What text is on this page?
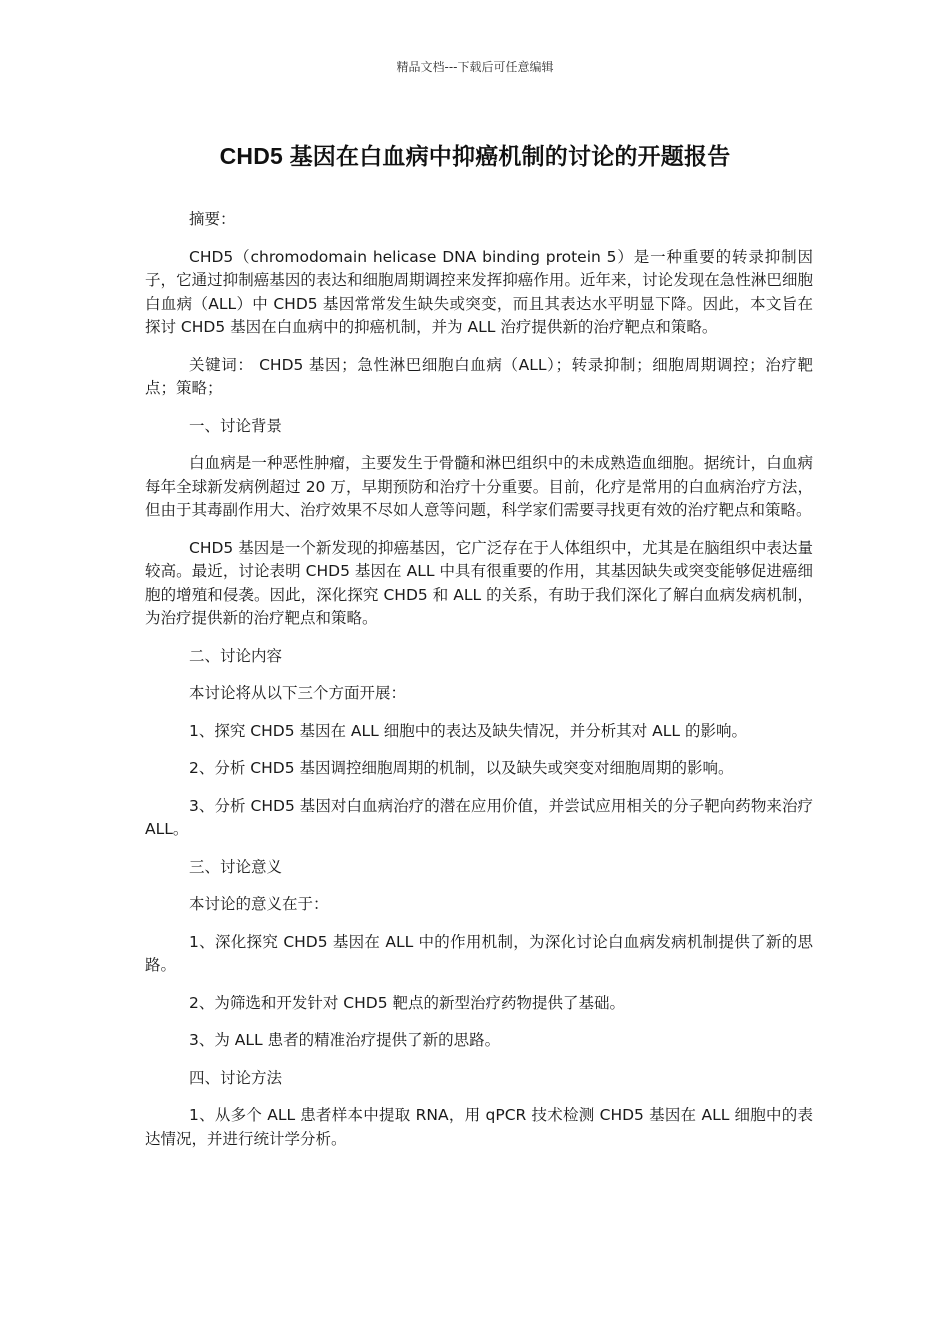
精品文档---下载后可任意编辑
CHD5 基因在白血病中抑癌机制的讨论的开题报告

摘要：

CHD5（chromodomain helicase DNA binding protein 5）是一种重要的转录抑制因子，它通过抑制癌基因的表达和细胞周期调控来发挥抑癌作用。近年来，讨论发现在急性淋巴细胞白血病（ALL）中 CHD5 基因常常发生缺失或突变，而且其表达水平明显下降。因此，本文旨在探讨 CHD5 基因在白血病中的抑癌机制，并为 ALL 治疗提供新的治疗靶点和策略。

关键词： CHD5 基因；急性淋巴细胞白血病（ALL）；转录抑制；细胞周期调控；治疗靶点；策略；

一、讨论背景

白血病是一种恶性肿瘤，主要发生于骨髓和淋巴组织中的未成熟造血细胞。据统计，白血病每年全球新发病例超过 20 万，早期预防和治疗十分重要。目前，化疗是常用的白血病治疗方法，但由于其毒副作用大、治疗效果不尽如人意等问题，科学家们需要寻找更有效的治疗靶点和策略。

CHD5 基因是一个新发现的抑癌基因，它广泛存在于人体组织中，尤其是在脑组织中表达量较高。最近，讨论表明 CHD5 基因在 ALL 中具有很重要的作用，其基因缺失或突变能够促进癌细胞的增殖和侵袭。因此，深化探究 CHD5 和 ALL 的关系，有助于我们深化了解白血病发病机制，为治疗提供新的治疗靶点和策略。

二、讨论内容

本讨论将从以下三个方面开展：

1、探究 CHD5 基因在 ALL 细胞中的表达及缺失情况，并分析其对 ALL 的影响。

2、分析 CHD5 基因调控细胞周期的机制，以及缺失或突变对细胞周期的影响。

3、分析 CHD5 基因对白血病治疗的潜在应用价值，并尝试应用相关的分子靶向药物来治疗 ALL。

三、讨论意义

本讨论的意义在于：

1、深化探究 CHD5 基因在 ALL 中的作用机制，为深化讨论白血病发病机制提供了新的思路。

2、为筛选和开发针对 CHD5 靶点的新型治疗药物提供了基础。

3、为 ALL 患者的精准治疗提供了新的思路。

四、讨论方法

1、从多个 ALL 患者样本中提取 RNA，用 qPCR 技术检测 CHD5 基因在 ALL 细胞中的表达情况，并进行统计学分析。
